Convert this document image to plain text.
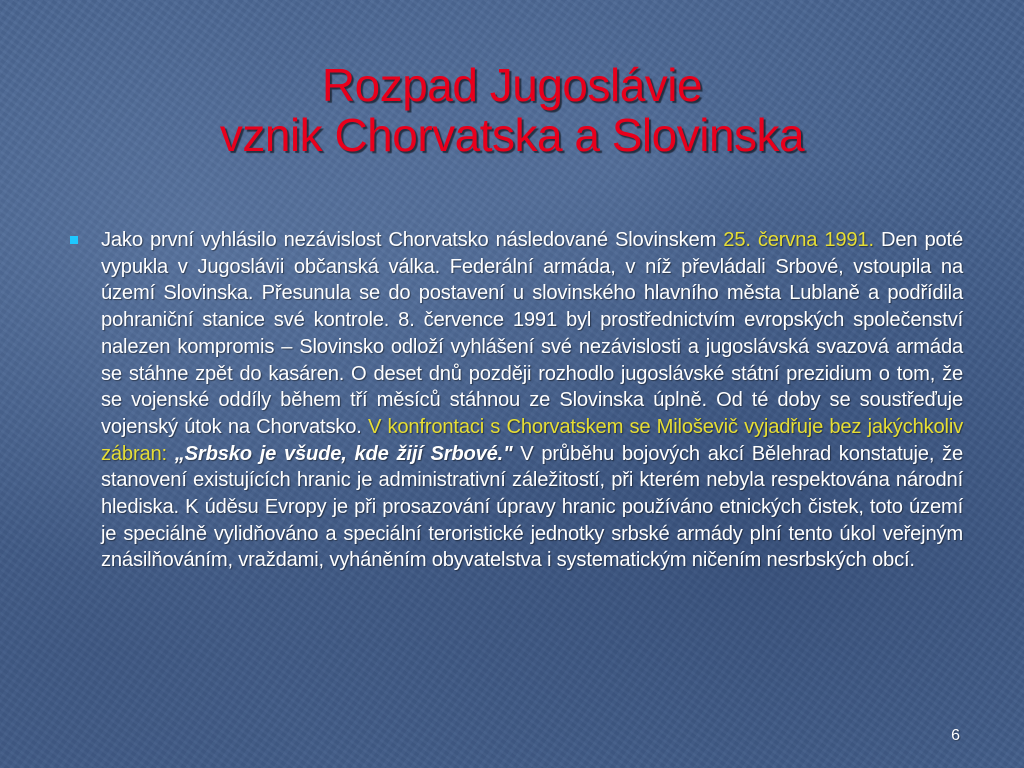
Rozpad Jugoslávie
vznik Chorvatska a Slovinska
Jako první vyhlásilo nezávislost Chorvatsko následované Slovinskem 25. června 1991. Den poté vypukla v Jugoslávii občanská válka. Federální armáda, v níž převládali Srbové, vstoupila na území Slovinska. Přesunula se do postavení u slovinského hlavního města Lublaně a podřídila pohraniční stanice své kontrole. 8. července 1991 byl prostřednictvím evropských společenství nalezen kompromis – Slovinsko odloží vyhlášení své nezávislosti a jugoslávská svazová armáda se stáhne zpět do kasáren. O deset dnů později rozhodlo jugoslávské státní prezidium o tom, že se vojenské oddíly během tří měsíců stáhnou ze Slovinska úplně. Od té doby se soustřeďuje vojenský útok na Chorvatsko. V konfrontaci s Chorvatskem se Miloševič vyjadřuje bez jakýchkoliv zábran: „Srbsko je všude, kde žijí Srbové." V průběhu bojových akcí Bělehrad konstatuje, že stanovení existujících hranic je administrativní záležitostí, při kterém nebyla respektována národní hlediska. K úděsu Evropy je při prosazování úpravy hranic používáno etnických čistek, toto území je speciálně vylidňováno a speciální teroristické jednotky srbské armády plní tento úkol veřejným znásilňováním, vraždami, vyháněním obyvatelstva i systematickým ničením nesrbských obcí.
6
